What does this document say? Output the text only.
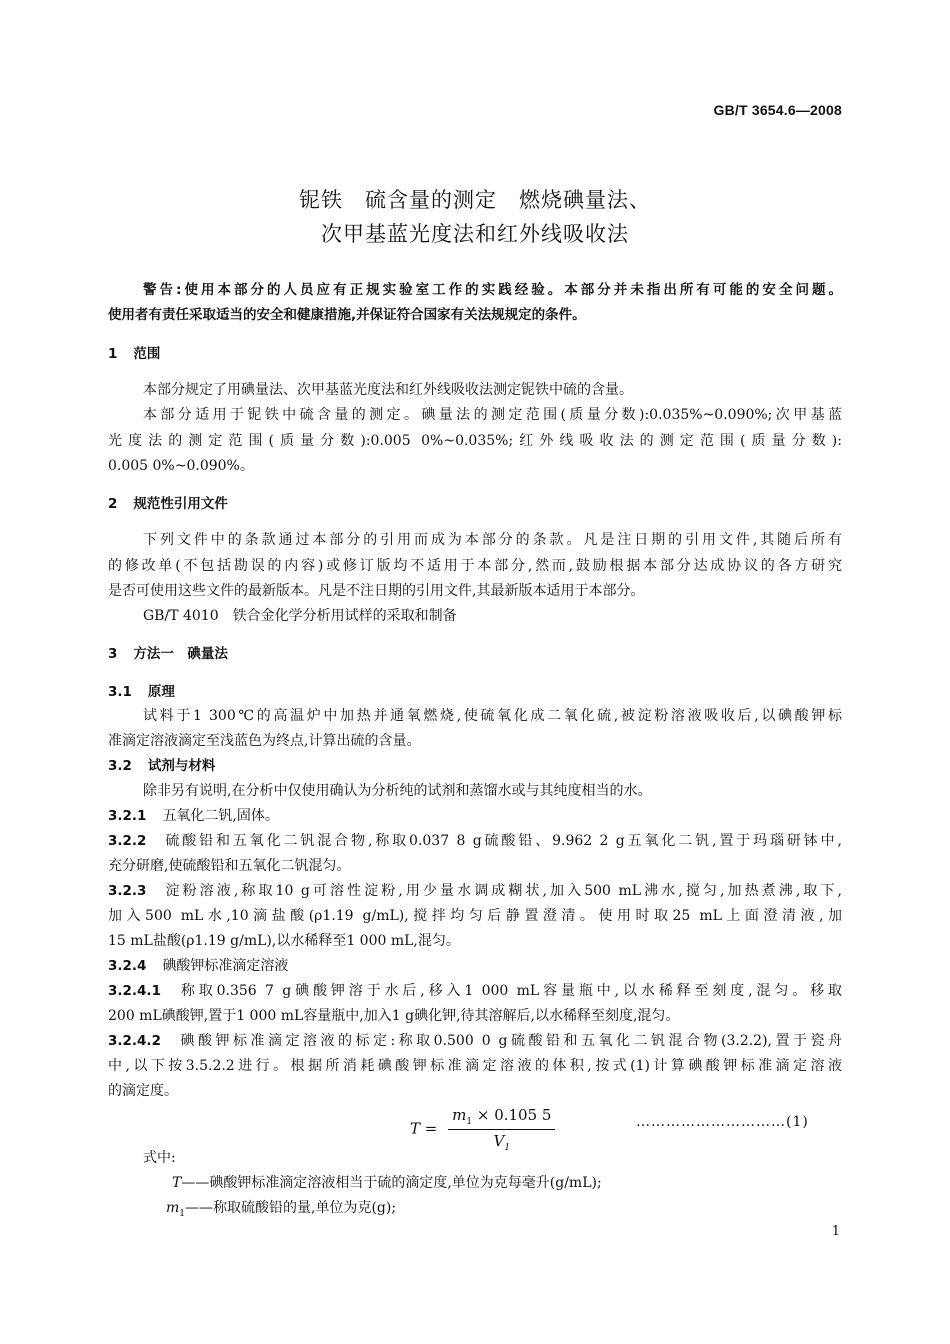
GB/T 3654.6—2008
铌铁　硫含量的测定　燃烧碘量法、
次甲基蓝光度法和红外线吸收法
警告:使用本部分的人员应有正规实验室工作的实践经验。本部分并未指出所有可能的安全问题。
使用者有责任采取适当的安全和健康措施,并保证符合国家有关法规规定的条件。
1 范围
本部分规定了用碘量法、次甲基蓝光度法和红外线吸收法测定铌铁中硫的含量。
本部分适用于铌铁中硫含量的测定。碘量法的测定范围(质量分数):0.035%~0.090%;次甲基蓝
光度法的测定范围(质量分数):0.005 0%~0.035%;红外线吸收法的测定范围(质量分数):
0.005 0%~0.090%。
2 规范性引用文件
下列文件中的条款通过本部分的引用而成为本部分的条款。凡是注日期的引用文件,其随后所有
的修改单(不包括勘误的内容)或修订版均不适用于本部分,然而,鼓励根据本部分达成协议的各方研究
是否可使用这些文件的最新版本。凡是不注日期的引用文件,其最新版本适用于本部分。
GB/T 4010　铁合金化学分析用试样的采取和制备
3 方法一　碘量法
3.1 原理
试料于1 300℃的高温炉中加热并通氧燃烧,使硫氧化成二氧化硫,被淀粉溶液吸收后,以碘酸钾标
准滴定溶液滴定至浅蓝色为终点,计算出硫的含量。
3.2 试剂与材料
除非另有说明,在分析中仅使用确认为分析纯的试剂和蒸馏水或与其纯度相当的水。
3.2.1 五氧化二钒,固体。
3.2.2 硫酸铅和五氧化二钒混合物,称取0.037 8 g硫酸铅、9.962 2 g五氧化二钒,置于玛瑙研钵中,
充分研磨,使硫酸铅和五氧化二钒混匀。
3.2.3 淀粉溶液,称取10 g可溶性淀粉,用少量水调成糊状,加入500 mL沸水,搅匀,加热煮沸,取下,
加入500 mL水,10滴盐酸(ρ1.19 g/mL),搅拌均匀后静置澄清。使用时取25 mL上面澄清液,加
15 mL盐酸(ρ1.19 g/mL),以水稀释至1 000 mL,混匀。
3.2.4 碘酸钾标准滴定溶液
3.2.4.1 称取0.356 7 g碘酸钾溶于水后,移入1 000 mL容量瓶中,以水稀释至刻度,混匀。移取
200 mL碘酸钾,置于1 000 mL容量瓶中,加入1 g碘化钾,待其溶解后,以水稀释至刻度,混匀。
3.2.4.2 碘酸钾标准滴定溶液的标定:称取0.500 0 g硫酸铅和五氧化二钒混合物(3.2.2),置于瓷舟
中,以下按3.5.2.2进行。根据所消耗碘酸钾标准滴定溶液的体积,按式(1)计算碘酸钾标准滴定溶液
的滴定度。
$T = \frac{m_1 \times 0.105 5}{V_1}$	…………………………(1)
式中:
T——碘酸钾标准滴定溶液相当于硫的滴定度,单位为克每毫升(g/mL);
$m_1——$称取硫酸铅的量,单位为克(g);
1
